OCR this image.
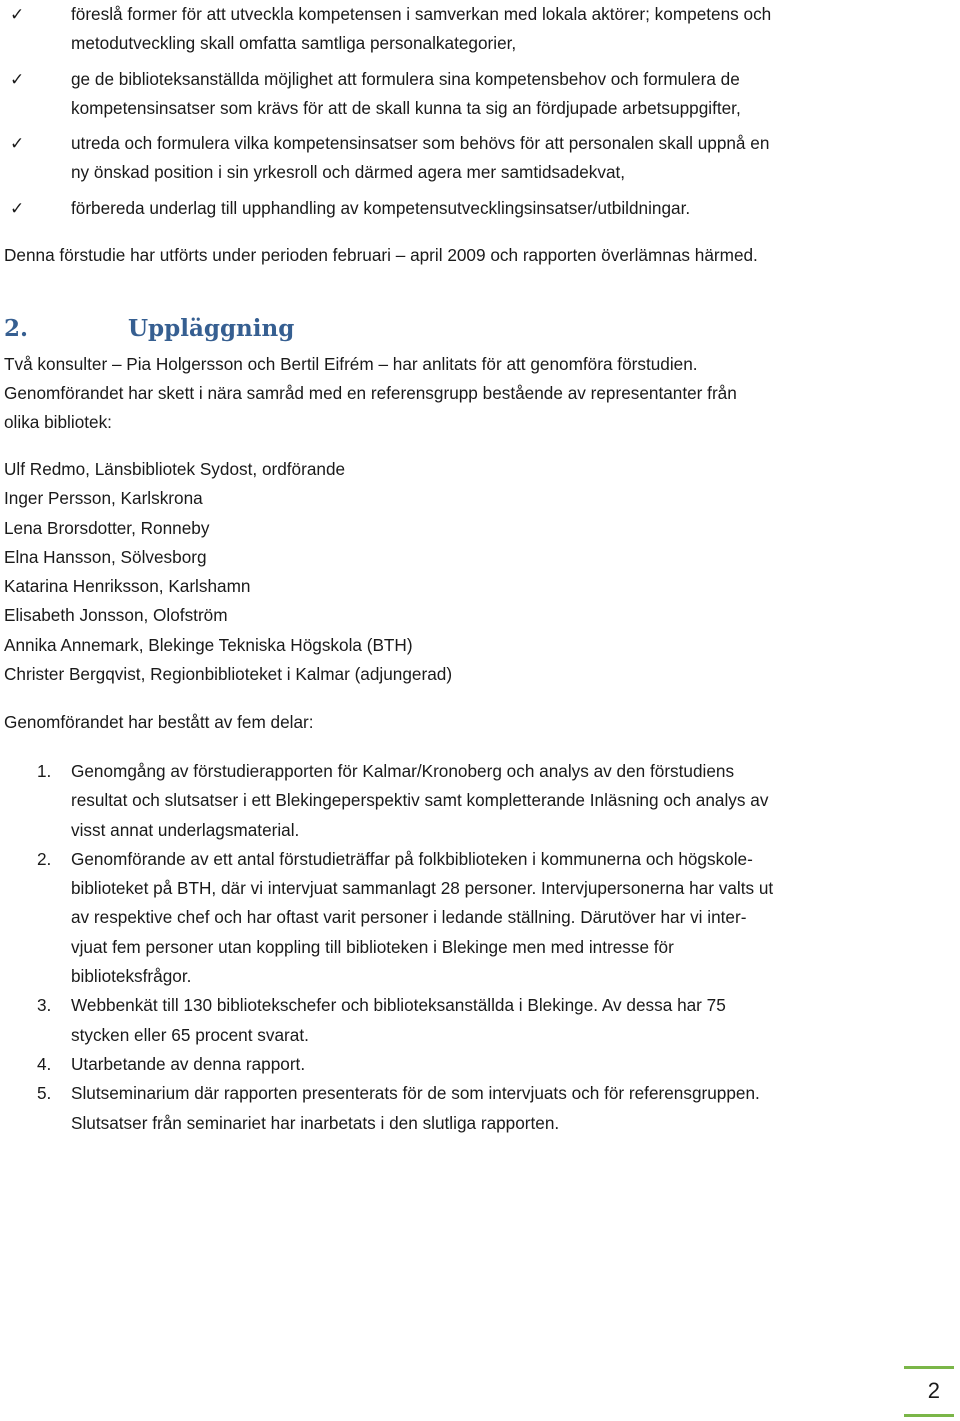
✓	föreslå former för att utveckla kompetensen i samverkan med lokala aktörer; kompetens och
metodutveckling skall omfatta samtliga personalkategorier,
✓	ge de biblioteksanställda möjlighet att formulera sina kompetensbehov och formulera de
kompetensinsatser som krävs för att de skall kunna ta sig an fördjupade arbetsuppgifter,
✓	utreda och formulera vilka kompetensinsatser som behövs för att personalen skall uppnå en
ny önskad position i sin yrkesroll och därmed agera mer samtidsadekvat,
✓	förbereda underlag till upphandling av kompetensutvecklingsinsatser/utbildningar.

Denna förstudie har utförts under perioden februari – april 2009 och rapporten överlämnas härmed.

2.	Uppläggning

Två konsulter – Pia Holgersson och Bertil Eifrém – har anlitats för att genomföra förstudien.

Genomförandet har skett i nära samråd med en referensgrupp bestående av representanter från
olika bibliotek:
Ulf Redmo, Länsbibliotek Sydost, ordförande
Inger Persson, Karlskrona
Lena Brorsdotter, Ronneby
Elna Hansson, Sölvesborg
Katarina Henriksson, Karlshamn
Elisabeth Jonsson, Olofström
Annika Annemark, Blekinge Tekniska Högskola (BTH)
Christer Bergqvist, Regionbiblioteket i Kalmar (adjungerad)

Genomförandet har bestått av fem delar:

1. Genomgång av förstudierapporten för Kalmar/Kronoberg och analys av den förstudiens
resultat och slutsatser i ett Blekingeperspektiv samt kompletterande Inläsning och analys av
visst annat underlagsmaterial.
2. Genomförande av ett antal förstudieträffar på folkbiblioteken i kommunerna och högskole-
biblioteket på BTH, där vi intervjuat sammanlagt 28 personer. Intervjupersonerna har valts ut
av respektive chef och har oftast varit personer i ledande ställning. Därutöver har vi inter-
vjuat fem personer utan koppling till biblioteken i Blekinge men med intresse för
biblioteksfrågor.
3. Webbenkät till 130 bibliotekschefer och biblioteksanställda i Blekinge. Av dessa har 75
stycken eller 65 procent svarat.
4. Utarbetande av denna rapport.
5. Slutseminarium där rapporten presenterats för de som intervjuats och för referensgruppen.
Slutsatser från seminariet har inarbetats i den slutliga rapporten.
2
